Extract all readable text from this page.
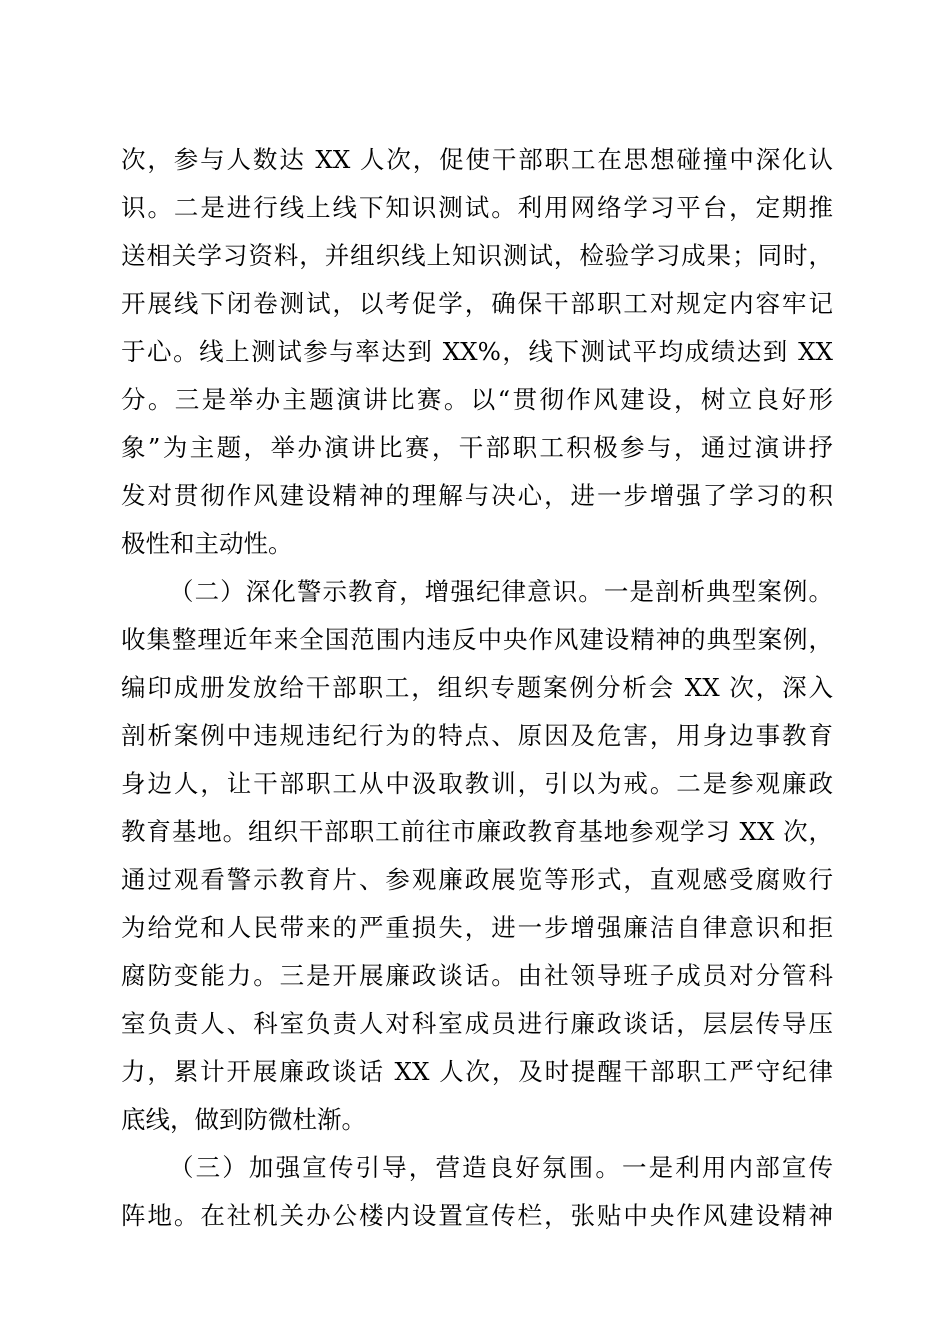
次，参与人数达 XX 人次，促使干部职工在思想碰撞中深化认
识。二是进行线上线下知识测试。利用网络学习平台，定期推
送相关学习资料，并组织线上知识测试，检验学习成果；同时，
开展线下闭卷测试，以考促学，确保干部职工对规定内容牢记
于心。线上测试参与率达到 XX%，线下测试平均成绩达到 XX
分。三是举办主题演讲比赛。以“贯彻作风建设，树立良好形
象”为主题，举办演讲比赛，干部职工积极参与，通过演讲抒
发对贯彻作风建设精神的理解与决心，进一步增强了学习的积
极性和主动性。
（二）深化警示教育，增强纪律意识。一是剖析典型案例。
收集整理近年来全国范围内违反中央作风建设精神的典型案例，
编印成册发放给干部职工，组织专题案例分析会 XX 次，深入
剖析案例中违规违纪行为的特点、原因及危害，用身边事教育
身边人，让干部职工从中汲取教训，引以为戒。二是参观廉政
教育基地。组织干部职工前往市廉政教育基地参观学习 XX 次，
通过观看警示教育片、参观廉政展览等形式，直观感受腐败行
为给党和人民带来的严重损失，进一步增强廉洁自律意识和拒
腐防变能力。三是开展廉政谈话。由社领导班子成员对分管科
室负责人、科室负责人对科室成员进行廉政谈话，层层传导压
力，累计开展廉政谈话 XX 人次，及时提醒干部职工严守纪律
底线，做到防微杜渐。
（三）加强宣传引导，营造良好氛围。一是利用内部宣传
阵地。在社机关办公楼内设置宣传栏，张贴中央作风建设精神
